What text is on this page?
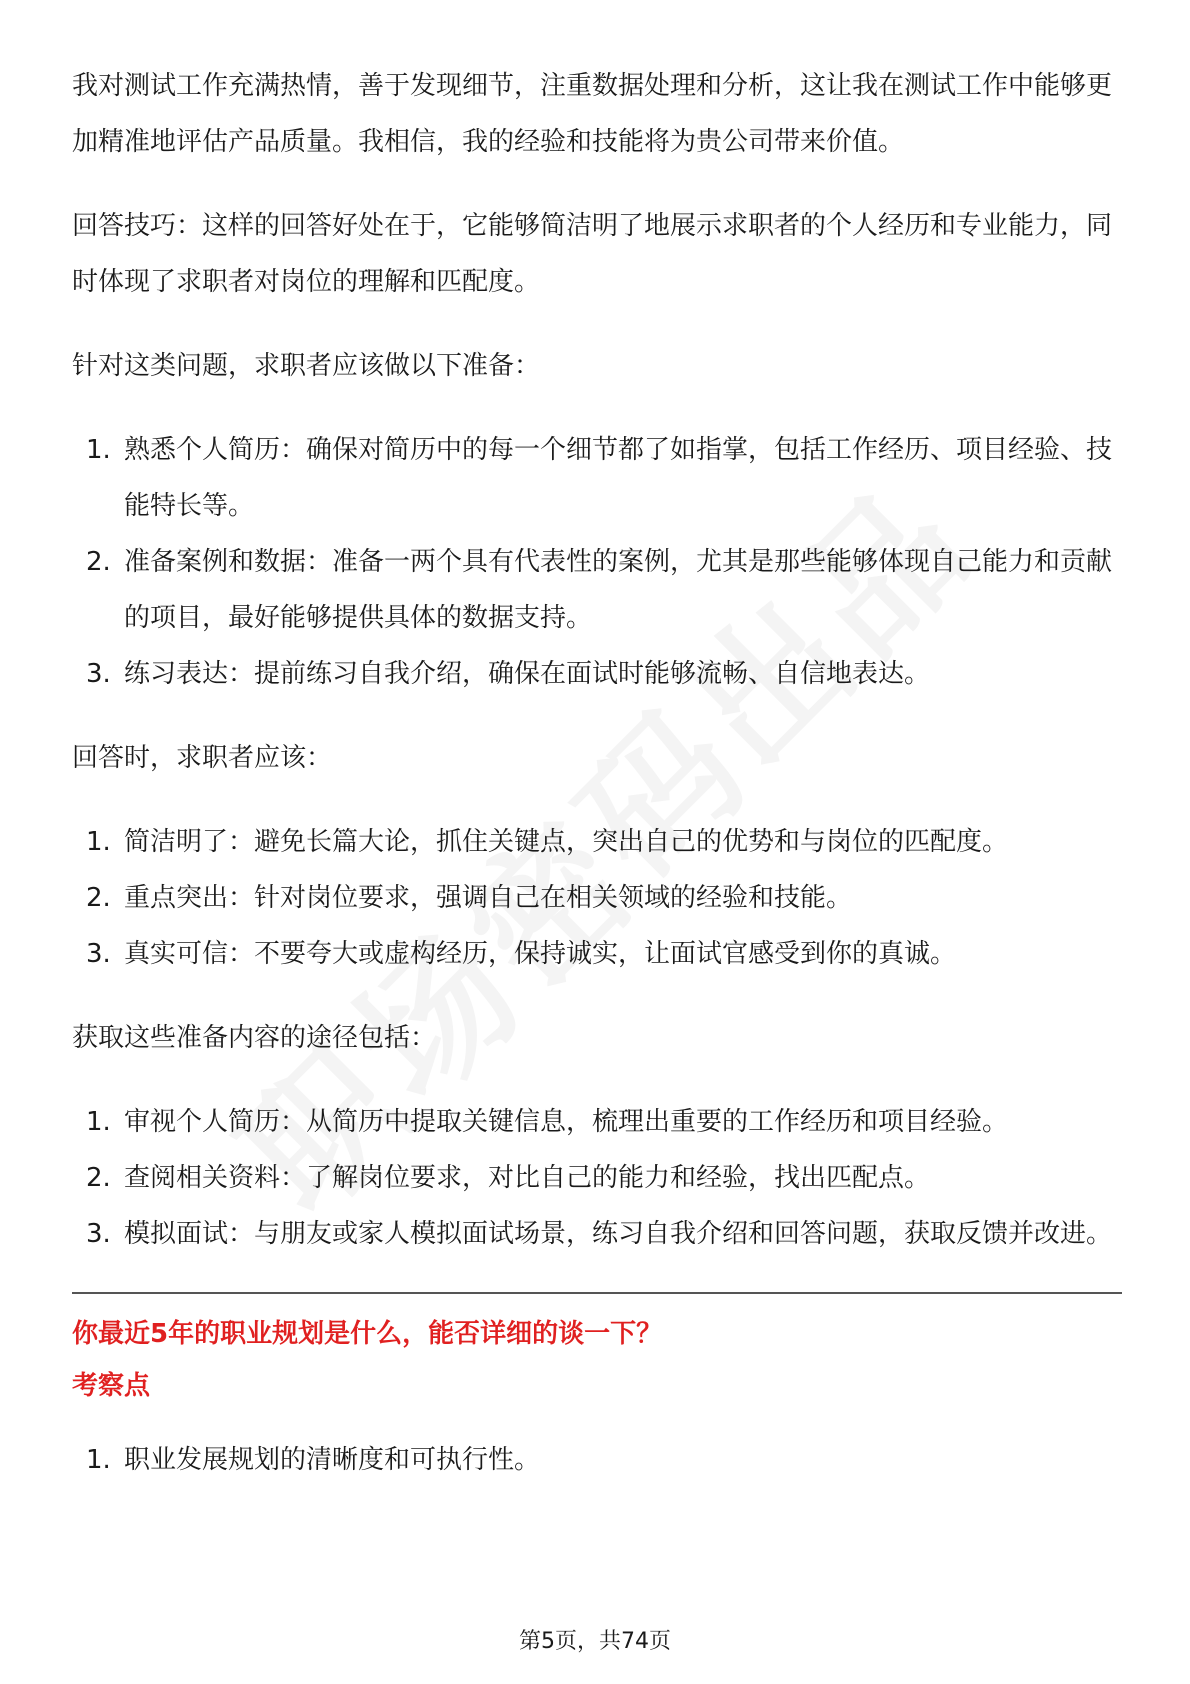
我对测试工作充满热情，善于发现细节，注重数据处理和分析，这让我在测试工作中能够更加精准地评估产品质量。我相信，我的经验和技能将为贵公司带来价值。

回答技巧：这样的回答好处在于，它能够简洁明了地展示求职者的个人经历和专业能力，同时体现了求职者对岗位的理解和匹配度。

针对这类问题，求职者应该做以下准备：

1. 熟悉个人简历：确保对简历中的每一个细节都了如指掌，包括工作经历、项目经验、技能特长等。
2. 准备案例和数据：准备一两个具有代表性的案例，尤其是那些能够体现自己能力和贡献的项目，最好能够提供具体的数据支持。
3. 练习表达：提前练习自我介绍，确保在面试时能够流畅、自信地表达。

回答时，求职者应该：

1. 简洁明了：避免长篇大论，抓住关键点，突出自己的优势和与岗位的匹配度。
2. 重点突出：针对岗位要求，强调自己在相关领域的经验和技能。
3. 真实可信：不要夸大或虚构经历，保持诚实，让面试官感受到你的真诚。

获取这些准备内容的途径包括：

1. 审视个人简历：从简历中提取关键信息，梳理出重要的工作经历和项目经验。
2. 查阅相关资料：了解岗位要求，对比自己的能力和经验，找出匹配点。
3. 模拟面试：与朋友或家人模拟面试场景，练习自我介绍和回答问题，获取反馈并改进。
你最近5年的职业规划是什么，能否详细的谈一下？
考察点
1. 职业发展规划的清晰度和可执行性。
第5页，共74页
